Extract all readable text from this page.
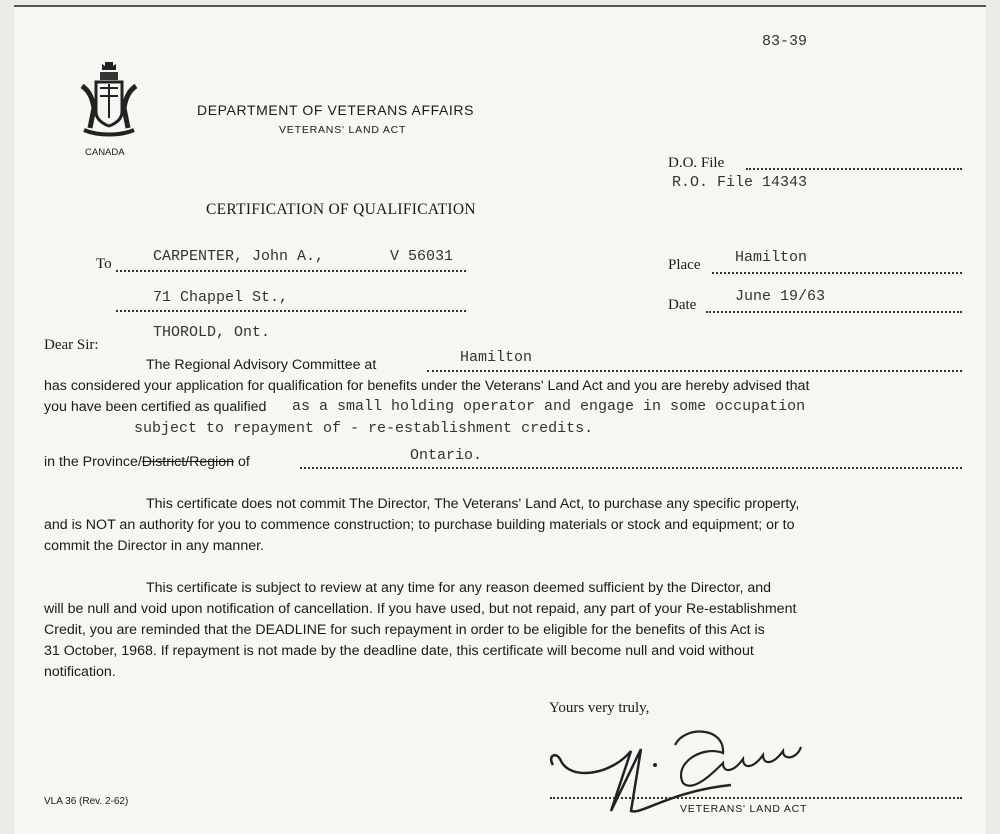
83-39
CANADA
DEPARTMENT OF VETERANS AFFAIRS
VETERANS' LAND ACT
D.O. File
R.O. File 14343
CERTIFICATION OF QUALIFICATION
To	CARPENTER, John A.,	V 56031
71 Chappel St.,
THOROLD, Ont.
Place Hamilton
Date	June 19/63
Dear Sir:
The Regional Advisory Committee at	Hamilton
has considered your application for qualification for benefits under the Veterans' Land Act and you are hereby advised that
you have been certified as qualified as a small holding operator and engage in some occupation
subject to repayment of - re-establishment credits.
in the Province/District/Region of	Ontario.
This certificate does not commit The Director, The Veterans' Land Act, to purchase any specific property,
and is NOT an authority for you to commence construction; to purchase building materials or stock and equipment; or to
commit the Director in any manner.
This certificate is subject to review at any time for any reason deemed sufficient by the Director, and
will be null and void upon notification of cancellation. If you have used, but not repaid, any part of your Re-establishment
Credit, you are reminded that the DEADLINE for such repayment in order to be eligible for the benefits of this Act is
31 October, 1968. If repayment is not made by the deadline date, this certificate will become null and void without
notification.
Yours very truly,
VETERANS' LAND ACT
VLA 36 (Rev. 2-62)
